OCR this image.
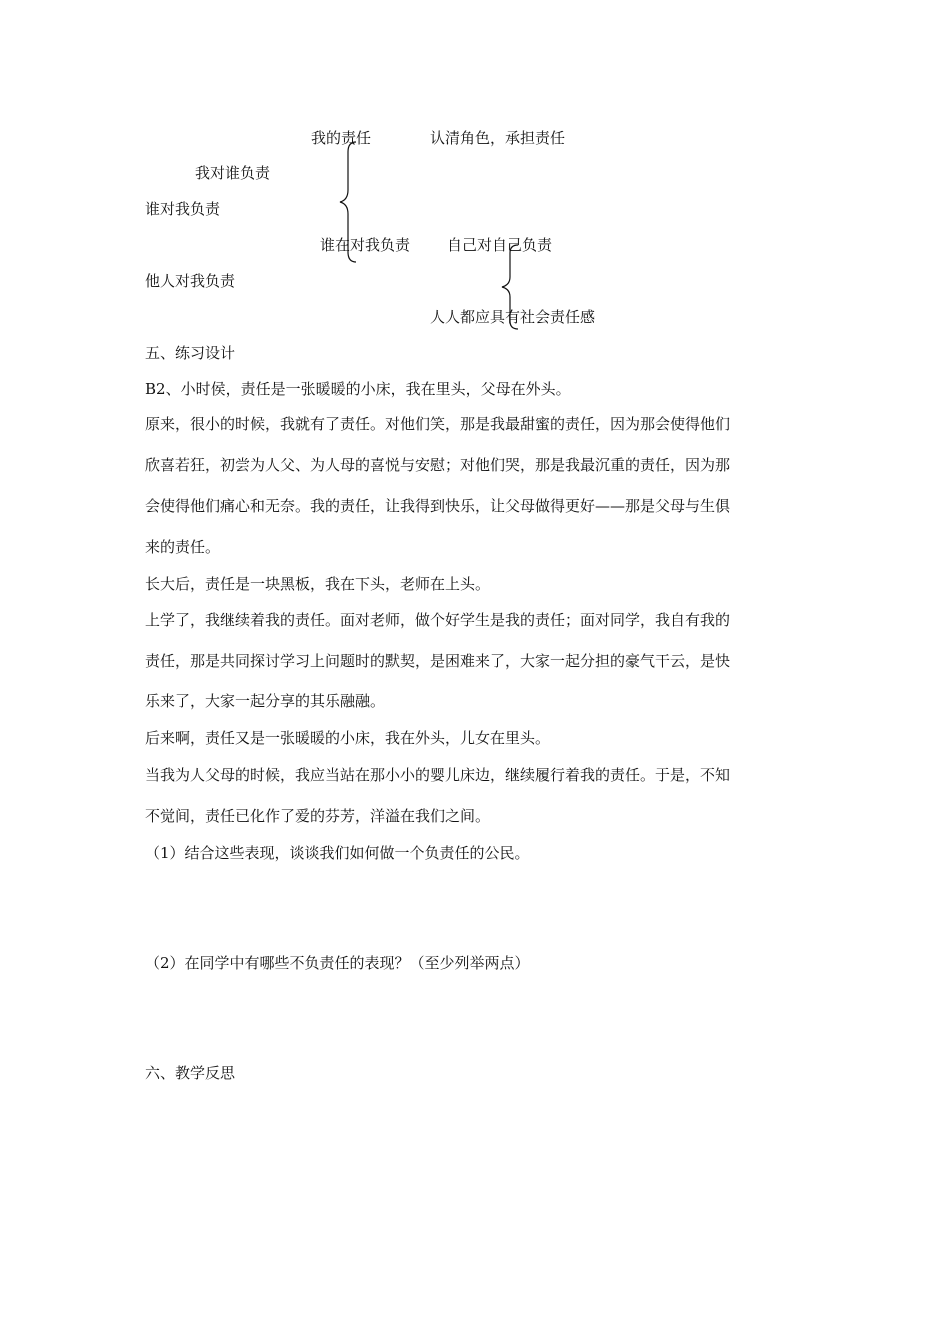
我的责任	认清角色，承担责任
我对谁负责
谁对我负责
谁在对我负责 自己对自己负责
他人对我负责
人人都应具有社会责任感
五、练习设计
B2、小时侯，责任是一张暖暖的小床，我在里头，父母在外头。
原来，很小的时候，我就有了责任。对他们笑，那是我最甜蜜的责任，因为那会使得他们
欣喜若狂，初尝为人父、为人母的喜悦与安慰；对他们哭，那是我最沉重的责任，因为那
会使得他们痛心和无奈。我的责任，让我得到快乐，让父母做得更好——那是父母与生俱
来的责任。
长大后，责任是一块黑板，我在下头，老师在上头。
上学了，我继续着我的责任。面对老师，做个好学生是我的责任；面对同学，我自有我的
责任，那是共同探讨学习上问题时的默契，是困难来了，大家一起分担的豪气干云，是快
乐来了，大家一起分享的其乐融融。
后来啊，责任又是一张暖暖的小床，我在外头，儿女在里头。
当我为人父母的时候，我应当站在那小小的婴儿床边，继续履行着我的责任。于是，不知
不觉间，责任已化作了爱的芬芳，洋溢在我们之间。
（1）结合这些表现，谈谈我们如何做一个负责任的公民。
（2）在同学中有哪些不负责任的表现？（至少列举两点）
六、教学反思
